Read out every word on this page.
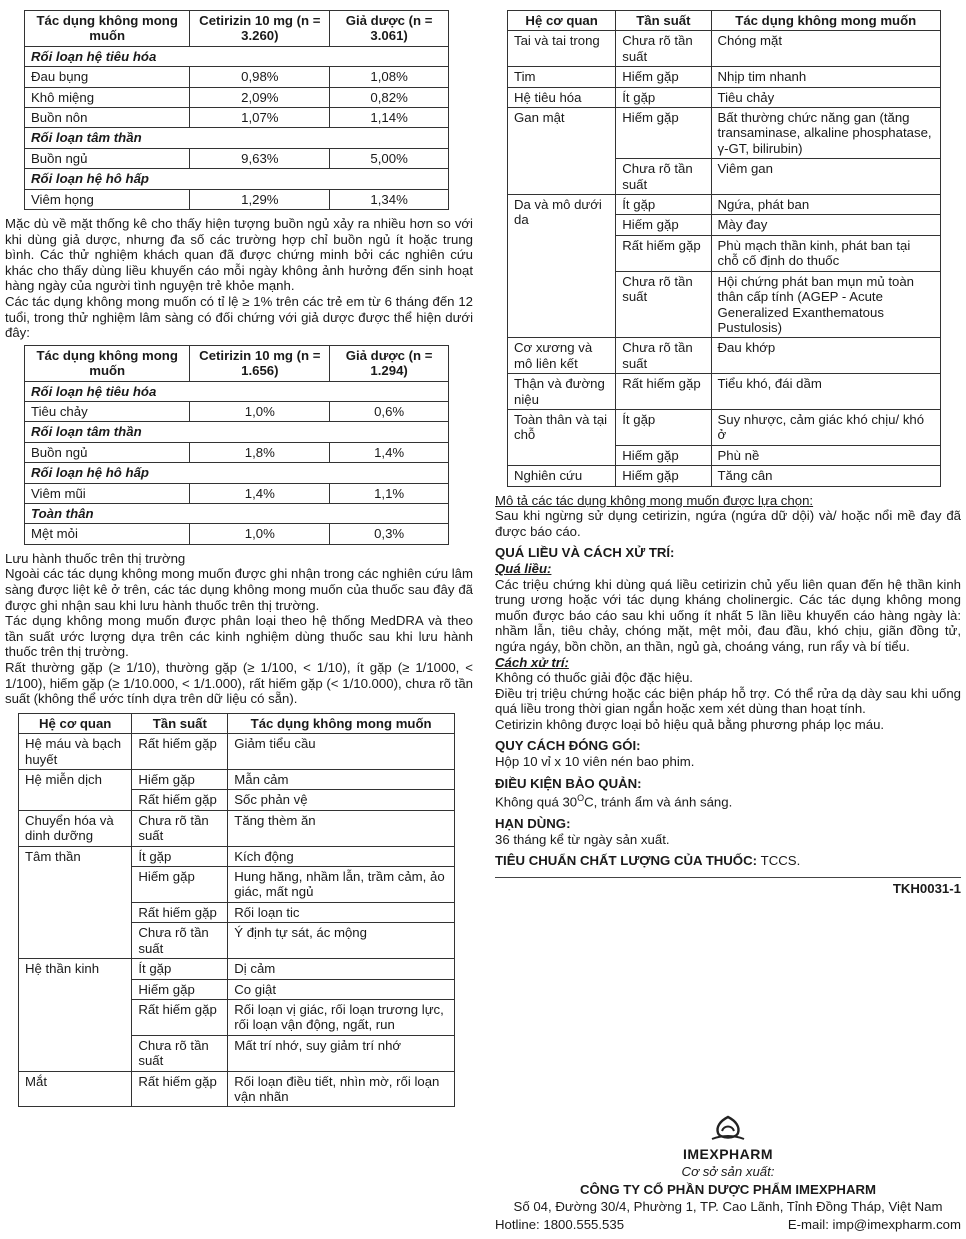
Tác dụng không mong muốn	Cetirizin 10 mg (n = 3.260)	Giả dược (n = 3.061)
Rối loạn hệ tiêu hóa		
Đau bụng	0,98%	1,08%
Khô miệng	2,09%	0,82%
Buồn nôn	1,07%	1,14%
Rối loạn tâm thần		
Buồn ngủ	9,63%	5,00%
Rối loạn hệ hô hấp		
Viêm họng	1,29%	1,34%

Mặc dù về mặt thống kê cho thấy hiện tượng buồn ngủ xảy ra nhiều hơn so với khi dùng giả dược, nhưng đa số các trường hợp chỉ buồn ngủ ít hoặc trung bình. Các thử nghiệm khách quan đã được chứng minh bởi các nghiên cứu khác cho thấy dùng liều khuyến cáo mỗi ngày không ảnh hưởng đến sinh hoạt hàng ngày của người tình nguyện trẻ khỏe mạnh.

Các tác dụng không mong muốn có tỉ lệ ≥ 1% trên các trẻ em từ 6 tháng đến 12 tuổi, trong thử nghiệm lâm sàng có đối chứng với giả dược được thể hiện dưới đây:

Tác dụng không mong muốn	Cetirizin 10 mg (n = 1.656)	Giả dược (n = 1.294)
Rối loạn hệ tiêu hóa		
Tiêu chảy	1,0%	0,6%
Rối loạn tâm thần		
Buồn ngủ	1,8%	1,4%
Rối loạn hệ hô hấp		
Viêm mũi	1,4%	1,1%
Toàn thân		
Mệt mỏi	1,0%	0,3%

Lưu hành thuốc trên thị trường

Ngoài các tác dụng không mong muốn được ghi nhận trong các nghiên cứu lâm sàng được liệt kê ở trên, các tác dụng không mong muốn của thuốc sau đây đã được ghi nhận sau khi lưu hành thuốc trên thị trường.

Tác dụng không mong muốn được phân loại theo hệ thống MedDRA và theo tần suất ước lượng dựa trên các kinh nghiệm dùng thuốc sau khi lưu hành thuốc trên thị trường.

Rất thường gặp (≥ 1/10), thường gặp (≥ 1/100, < 1/10), ít gặp (≥ 1/1000, < 1/100), hiếm gặp (≥ 1/10.000, < 1/1.000), rất hiếm gặp (< 1/10.000), chưa rõ tần suất (không thể ước tính dựa trên dữ liệu có sẵn).

Hệ cơ quan	Tần suất	Tác dụng không mong muốn
Hệ máu và bạch huyết	Rất hiếm gặp	Giảm tiểu cầu
Hệ miễn dịch	Hiếm gặp	Mẫn cảm
	Rất hiếm gặp	Sốc phản vệ
Chuyển hóa và dinh dưỡng	Chưa rõ tần suất	Tăng thèm ăn
Tâm thần	Ít gặp	Kích động
	Hiếm gặp	Hung hăng, nhầm lẫn, trầm cảm, ảo giác, mất ngủ
	Rất hiếm gặp	Rối loạn tic
	Chưa rõ tần suất	Ý định tự sát, ác mộng
Hệ thần kinh	Ít gặp	Dị cảm
	Hiếm gặp	Co giật
	Rất hiếm gặp	Rối loạn vị giác, rối loạn trương lực, rối loạn vận động, ngất, run
	Chưa rõ tần suất	Mất trí nhớ, suy giảm trí nhớ
Mắt	Rất hiếm gặp	Rối loạn điều tiết, nhìn mờ, rối loạn vận nhãn
Hệ cơ quan	Tần suất	Tác dụng không mong muốn
Tai và tai trong	Chưa rõ tần suất	Chóng mặt
Tim	Hiếm gặp	Nhịp tim nhanh
Hệ tiêu hóa	Ít gặp	Tiêu chảy
Gan mật	Hiếm gặp	Bất thường chức năng gan (tăng transaminase, alkaline phosphatase, γ-GT, bilirubin)
	Chưa rõ tần suất	Viêm gan
Da và mô dưới da	Ít gặp	Ngứa, phát ban
	Hiếm gặp	Mày đay
	Rất hiếm gặp	Phù mạch thần kinh, phát ban tại chỗ cố định do thuốc
	Chưa rõ tần suất	Hội chứng phát ban mụn mủ toàn thân cấp tính (AGEP - Acute Generalized Exanthematous Pustulosis)
Cơ xương và mô liên kết	Chưa rõ tần suất	Đau khớp
Thận và đường niệu	Rất hiếm gặp	Tiểu khó, đái dầm
Toàn thân và tại chỗ	Ít gặp	Suy nhược, cảm giác khó chịu/ khó ở
	Hiếm gặp	Phù nề
Nghiên cứu	Hiếm gặp	Tăng cân

Mô tả các tác dụng không mong muốn được lựa chọn:

Sau khi ngừng sử dụng cetirizin, ngứa (ngứa dữ dội) và/ hoặc nổi mề đay đã được báo cáo.

QUÁ LIỀU VÀ CÁCH XỬ TRÍ:

Quá liều:

Các triệu chứng khi dùng quá liều cetirizin chủ yếu liên quan đến hệ thần kinh trung ương hoặc với tác dụng kháng cholinergic. Các tác dụng không mong muốn được báo cáo sau khi uống ít nhất 5 lần liều khuyến cáo hàng ngày là: nhầm lẫn, tiêu chảy, chóng mặt, mệt mỏi, đau đầu, khó chịu, giãn đồng tử, ngứa ngáy, bồn chồn, an thần, ngủ gà, choáng váng, run rẩy và bí tiểu.

Cách xử trí:

Không có thuốc giải độc đặc hiệu.

Điều trị triệu chứng hoặc các biện pháp hỗ trợ. Có thể rửa dạ dày sau khi uống quá liều trong thời gian ngắn hoặc xem xét dùng than hoạt tính.

Cetirizin không được loại bỏ hiệu quả bằng phương pháp lọc máu.

QUY CÁCH ĐÓNG GÓI:

Hộp 10 vỉ x 10 viên nén bao phim.

ĐIỀU KIỆN BẢO QUẢN:

Không quá $30^OC$, tránh ẩm và ánh sáng.

HẠN DÙNG:

36 tháng kể từ ngày sản xuất.

TIÊU CHUẨN CHẤT LƯỢNG CỦA THUỐC: TCCS.

TKH0031-1
IMEXPHARM
Cơ sở sản xuất:
CÔNG TY CỔ PHẦN DƯỢC PHẨM IMEXPHARM
Số 04, Đường 30/4, Phường 1, TP. Cao Lãnh, Tỉnh Đồng Tháp, Việt Nam
Hotline: 1800.555.535	E-mail: imp@imexpharm.com
